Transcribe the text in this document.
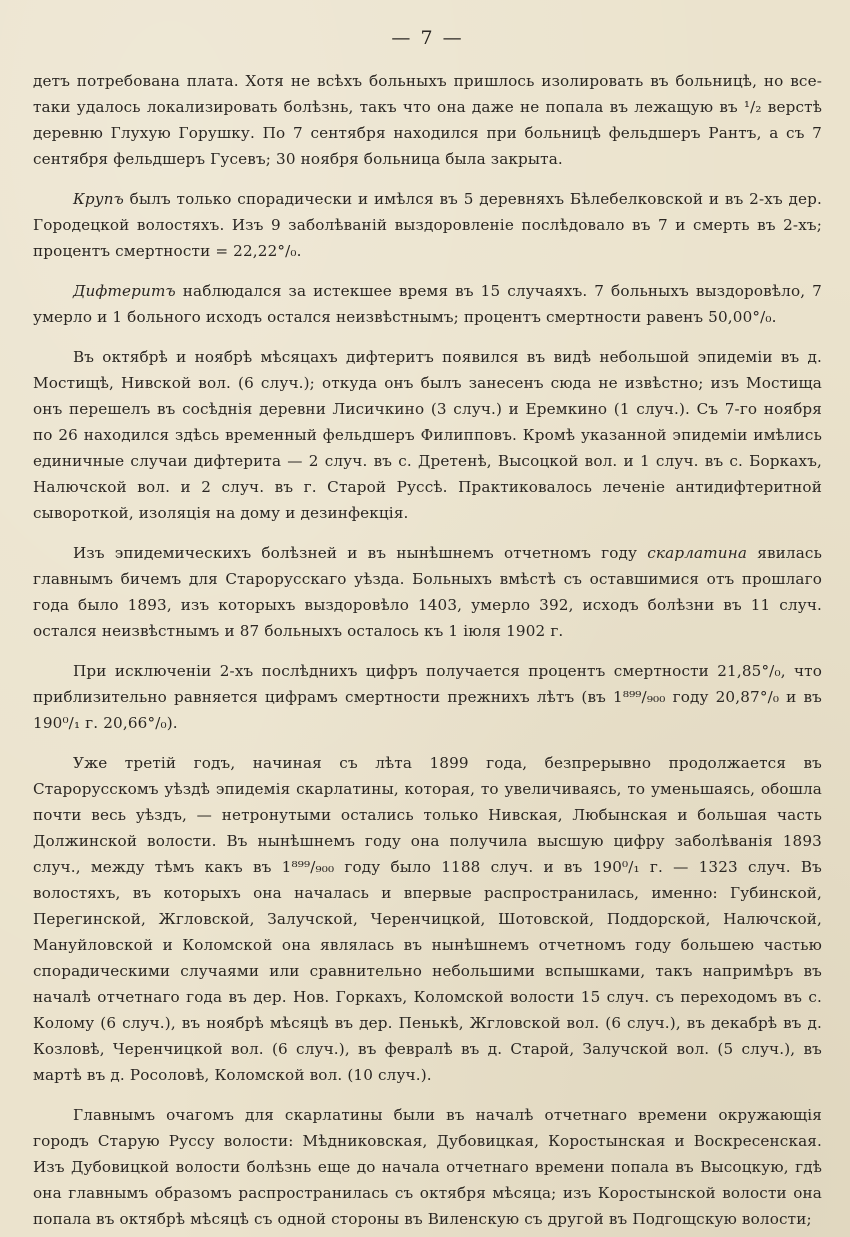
— 7 —

детъ потребована плата. Хотя не всѣхъ больныхъ пришлось изолировать въ больницѣ, но все-таки удалось локализировать болѣзнь, такъ что она даже не попала въ лежащую въ ¹/₂ верстѣ деревню Глухую Горушку. По 7 сентября находился при больницѣ фельдшеръ Рантъ, а съ 7 сентября фельдшеръ Гусевъ; 30 ноября больница была закрыта.

Крупъ былъ только спорадически и имѣлся въ 5 деревняхъ Бѣлебелковской и въ 2-хъ дер. Городецкой волостяхъ. Изъ 9 заболѣваній выздоровленіе послѣдовало въ 7 и смерть въ 2-хъ; процентъ смертности = 22,22°/₀.

Дифтеритъ наблюдался за истекшее время въ 15 случаяхъ. 7 больныхъ выздоровѣло, 7 умерло и 1 больного исходъ остался неизвѣстнымъ; процентъ смертности равенъ 50,00°/₀.

Въ октябрѣ и ноябрѣ мѣсяцахъ дифтеритъ появился въ видѣ небольшой эпидеміи въ д. Мостищѣ, Нивской вол. (6 случ.); откуда онъ былъ занесенъ сюда не извѣстно; изъ Мостища онъ перешелъ въ сосѣднія деревни Лисичкино (3 случ.) и Еремкино (1 случ.). Съ 7-го ноября по 26 находился здѣсь временный фельдшеръ Филипповъ. Кромѣ указанной эпидеміи имѣлись единичные случаи дифтерита — 2 случ. въ с. Дретенѣ, Высоцкой вол. и 1 случ. въ с. Боркахъ, Налючской вол. и 2 случ. въ г. Старой Руссѣ. Практиковалось леченіе антидифтеритной сывороткой, изоляція на дому и дезинфекція.

Изъ эпидемическихъ болѣзней и въ нынѣшнемъ отчетномъ году скарлатина явилась главнымъ бичемъ для Старорусскаго уѣзда. Больныхъ вмѣстѣ съ оставшимися отъ прошлаго года было 1893, изъ которыхъ выздоровѣло 1403, умерло 392, исходъ болѣзни въ 11 случ. остался неизвѣстнымъ и 87 больныхъ осталось къ 1 іюля 1902 г.

При исключеніи 2-хъ послѣднихъ цифръ получается процентъ смертности 21,85°/₀, что приблизительно равняется цифрамъ смертности прежнихъ лѣтъ (въ 1⁸⁹⁹/₉₀₀ году 20,87°/₀ и въ 190⁰/₁ г. 20,66°/₀).

Уже третій годъ, начиная съ лѣта 1899 года, безпрерывно продолжается въ Старорусскомъ уѣздѣ эпидемія скарлатины, которая, то увеличиваясь, то уменьшаясь, обошла почти весь уѣздъ, — нетронутыми остались только Нивская, Любынская и большая часть Должинской волости. Въ нынѣшнемъ году она получила высшую цифру заболѣванія 1893 случ., между тѣмъ какъ въ 1⁸⁹⁹/₉₀₀ году было 1188 случ. и въ 190⁰/₁ г. — 1323 случ. Въ волостяхъ, въ которыхъ она началась и впервые распространилась, именно: Губинской, Перегинской, Жгловской, Залучской, Черенчицкой, Шотовской, Поддорской, Налючской, Мануйловской и Коломской она являлась въ нынѣшнемъ отчетномъ году большею частью спорадическими случаями или сравнительно небольшими вспышками, такъ напримѣръ въ началѣ отчетнаго года въ дер. Нов. Горкахъ, Коломской волости 15 случ. съ переходомъ въ с. Колому (6 случ.), въ ноябрѣ мѣсяцѣ въ дер. Пенькѣ, Жгловской вол. (6 случ.), въ декабрѣ въ д. Козловѣ, Черенчицкой вол. (6 случ.), въ февралѣ въ д. Старой, Залучской вол. (5 случ.), въ мартѣ въ д. Росоловѣ, Коломской вол. (10 случ.).

Главнымъ очагомъ для скарлатины были въ началѣ отчетнаго времени окружающія городъ Старую Руссу волости: Мѣдниковская, Дубовицкая, Коростынская и Воскресенская. Изъ Дубовицкой волости болѣзнь еще до начала отчетнаго времени попала въ Высоцкую, гдѣ она главнымъ образомъ распространилась съ октября мѣсяца; изъ Коростынской волости она попала въ октябрѣ мѣсяцѣ съ одной стороны въ Виленскую съ другой въ Подгощскую волости;
